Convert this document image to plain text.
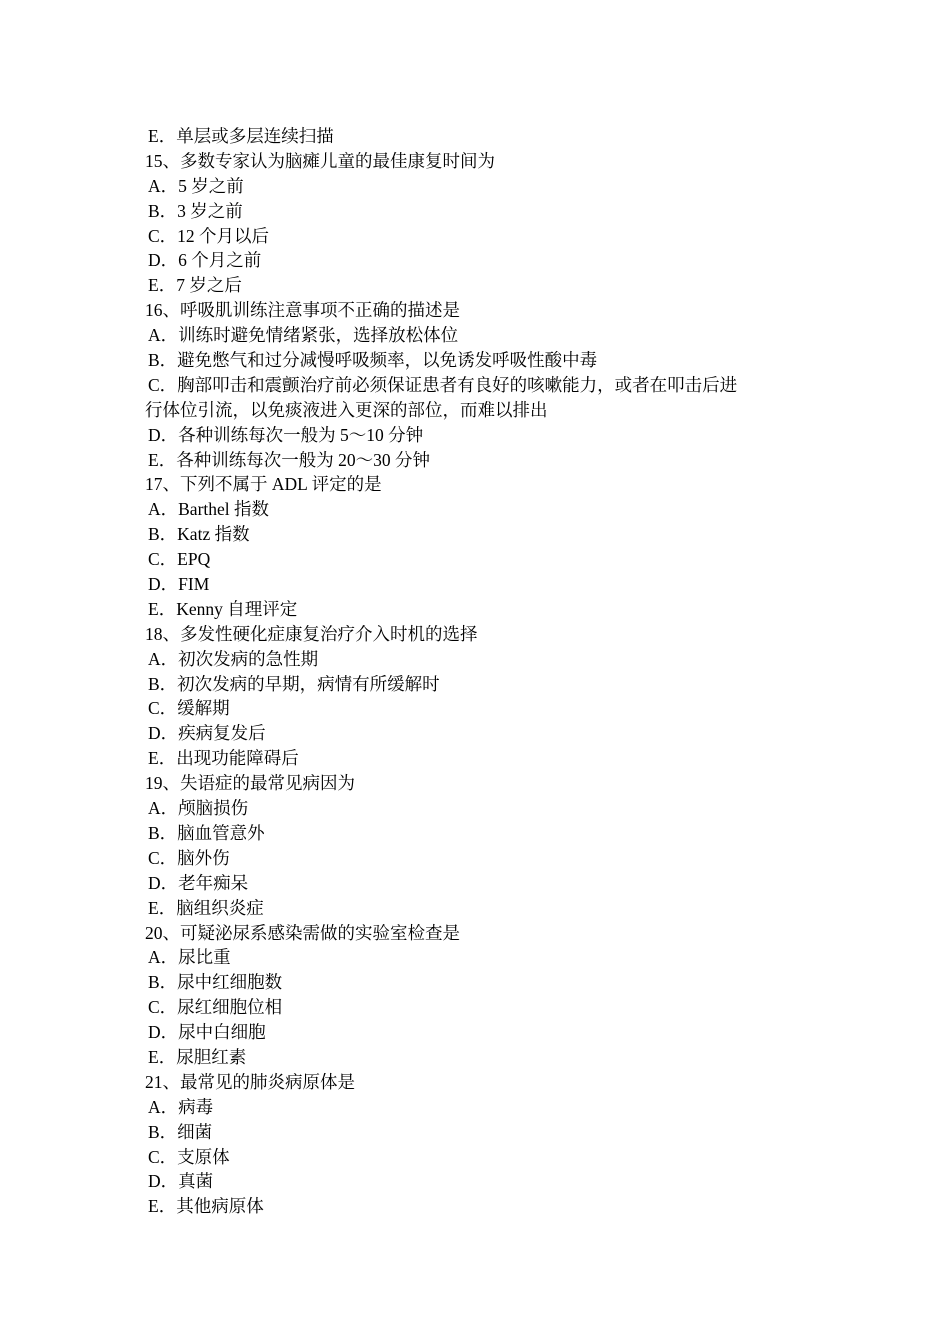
E．单层或多层连续扫描
15、多数专家认为脑瘫儿童的最佳康复时间为
A．5 岁之前
B．3 岁之前
C．12 个月以后
D．6 个月之前
E．7 岁之后
16、呼吸肌训练注意事项不正确的描述是
A．训练时避免情绪紧张，选择放松体位
B．避免憋气和过分减慢呼吸频率，以免诱发呼吸性酸中毒
C．胸部叩击和震颤治疗前必须保证患者有良好的咳嗽能力，或者在叩击后进
行体位引流，以免痰液进入更深的部位，而难以排出
D．各种训练每次一般为 5～10 分钟
E．各种训练每次一般为 20～30 分钟
17、下列不属于 ADL 评定的是
A．Barthel 指数
B．Katz 指数
C．EPQ
D．FIM
E．Kenny 自理评定
18、多发性硬化症康复治疗介入时机的选择
A．初次发病的急性期
B．初次发病的早期，病情有所缓解时
C．缓解期
D．疾病复发后
E．出现功能障碍后
19、失语症的最常见病因为
A．颅脑损伤
B．脑血管意外
C．脑外伤
D．老年痴呆
E．脑组织炎症
20、可疑泌尿系感染需做的实验室检查是
A．尿比重
B．尿中红细胞数
C．尿红细胞位相
D．尿中白细胞
E．尿胆红素
21、最常见的肺炎病原体是
A．病毒
B．细菌
C．支原体
D．真菌
E．其他病原体
